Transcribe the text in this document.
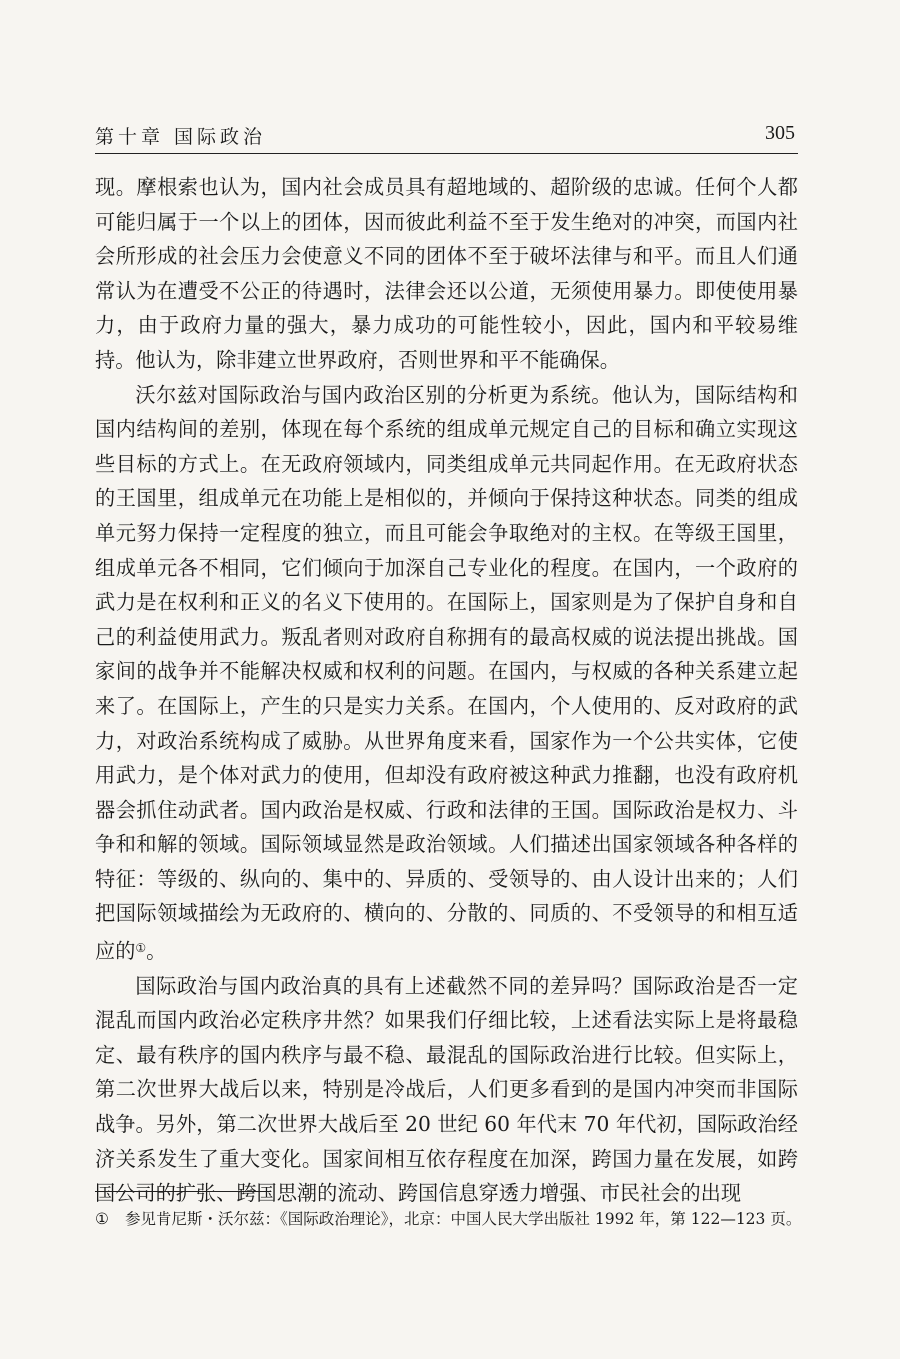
第十章 国际政治	305

现。摩根索也认为，国内社会成员具有超地域的、超阶级的忠诚。任何个人都可能归属于一个以上的团体，因而彼此利益不至于发生绝对的冲突，而国内社会所形成的社会压力会使意义不同的团体不至于破坏法律与和平。而且人们通常认为在遭受不公正的待遇时，法律会还以公道，无须使用暴力。即使使用暴力，由于政府力量的强大，暴力成功的可能性较小，因此，国内和平较易维持。他认为，除非建立世界政府，否则世界和平不能确保。

沃尔兹对国际政治与国内政治区别的分析更为系统。他认为，国际结构和国内结构间的差别，体现在每个系统的组成单元规定自己的目标和确立实现这些目标的方式上。在无政府领域内，同类组成单元共同起作用。在无政府状态的王国里，组成单元在功能上是相似的，并倾向于保持这种状态。同类的组成单元努力保持一定程度的独立，而且可能会争取绝对的主权。在等级王国里，组成单元各不相同，它们倾向于加深自己专业化的程度。在国内，一个政府的武力是在权利和正义的名义下使用的。在国际上，国家则是为了保护自身和自己的利益使用武力。叛乱者则对政府自称拥有的最高权威的说法提出挑战。国家间的战争并不能解决权威和权利的问题。在国内，与权威的各种关系建立起来了。在国际上，产生的只是实力关系。在国内，个人使用的、反对政府的武力，对政治系统构成了威胁。从世界角度来看，国家作为一个公共实体，它使用武力，是个体对武力的使用，但却没有政府被这种武力推翻，也没有政府机器会抓住动武者。国内政治是权威、行政和法律的王国。国际政治是权力、斗争和和解的领域。国际领域显然是政治领域。人们描述出国家领域各种各样的特征：等级的、纵向的、集中的、异质的、受领导的、由人设计出来的；人们把国际领域描绘为无政府的、横向的、分散的、同质的、不受领导的和相互适应的①。

国际政治与国内政治真的具有上述截然不同的差异吗？国际政治是否一定混乱而国内政治必定秩序井然？如果我们仔细比较，上述看法实际上是将最稳定、最有秩序的国内秩序与最不稳、最混乱的国际政治进行比较。但实际上，第二次世界大战后以来，特别是冷战后，人们更多看到的是国内冲突而非国际战争。另外，第二次世界大战后至 20 世纪 60 年代末 70 年代初，国际政治经济关系发生了重大变化。国家间相互依存程度在加深，跨国力量在发展，如跨国公司的扩张、跨国思潮的流动、跨国信息穿透力增强、市民社会的出现

① 参见肯尼斯・沃尔兹：《国际政治理论》，北京：中国人民大学出版社 1992 年，第 122—123 页。
